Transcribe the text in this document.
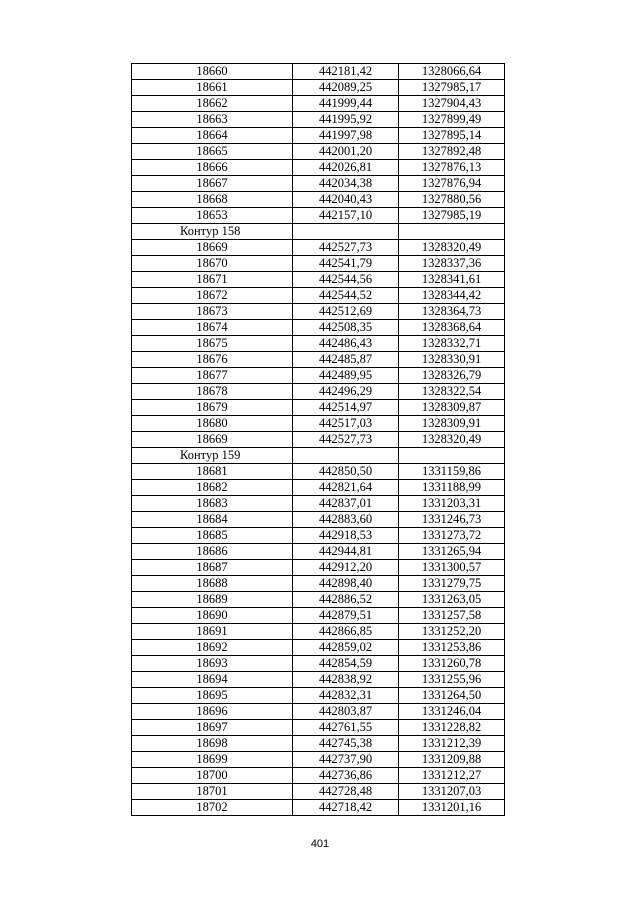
18660	442181,42	1328066,64
18661	442089,25	1327985,17
18662	441999,44	1327904,43
18663	441995,92	1327899,49
18664	441997,98	1327895,14
18665	442001,20	1327892,48
18666	442026,81	1327876,13
18667	442034,38	1327876,94
18668	442040,43	1327880,56
18653	442157,10	1327985,19
Контур 158		
18669	442527,73	1328320,49
18670	442541,79	1328337,36
18671	442544,56	1328341,61
18672	442544,52	1328344,42
18673	442512,69	1328364,73
18674	442508,35	1328368,64
18675	442486,43	1328332,71
18676	442485,87	1328330,91
18677	442489,95	1328326,79
18678	442496,29	1328322,54
18679	442514,97	1328309,87
18680	442517,03	1328309,91
18669	442527,73	1328320,49
Контур 159		
18681	442850,50	1331159,86
18682	442821,64	1331188,99
18683	442837,01	1331203,31
18684	442883,60	1331246,73
18685	442918,53	1331273,72
18686	442944,81	1331265,94
18687	442912,20	1331300,57
18688	442898,40	1331279,75
18689	442886,52	1331263,05
18690	442879,51	1331257,58
18691	442866,85	1331252,20
18692	442859,02	1331253,86
18693	442854,59	1331260,78
18694	442838,92	1331255,96
18695	442832,31	1331264,50
18696	442803,87	1331246,04
18697	442761,55	1331228,82
18698	442745,38	1331212,39
18699	442737,90	1331209,88
18700	442736,86	1331212,27
18701	442728,48	1331207,03
18702	442718,42	1331201,16
401
